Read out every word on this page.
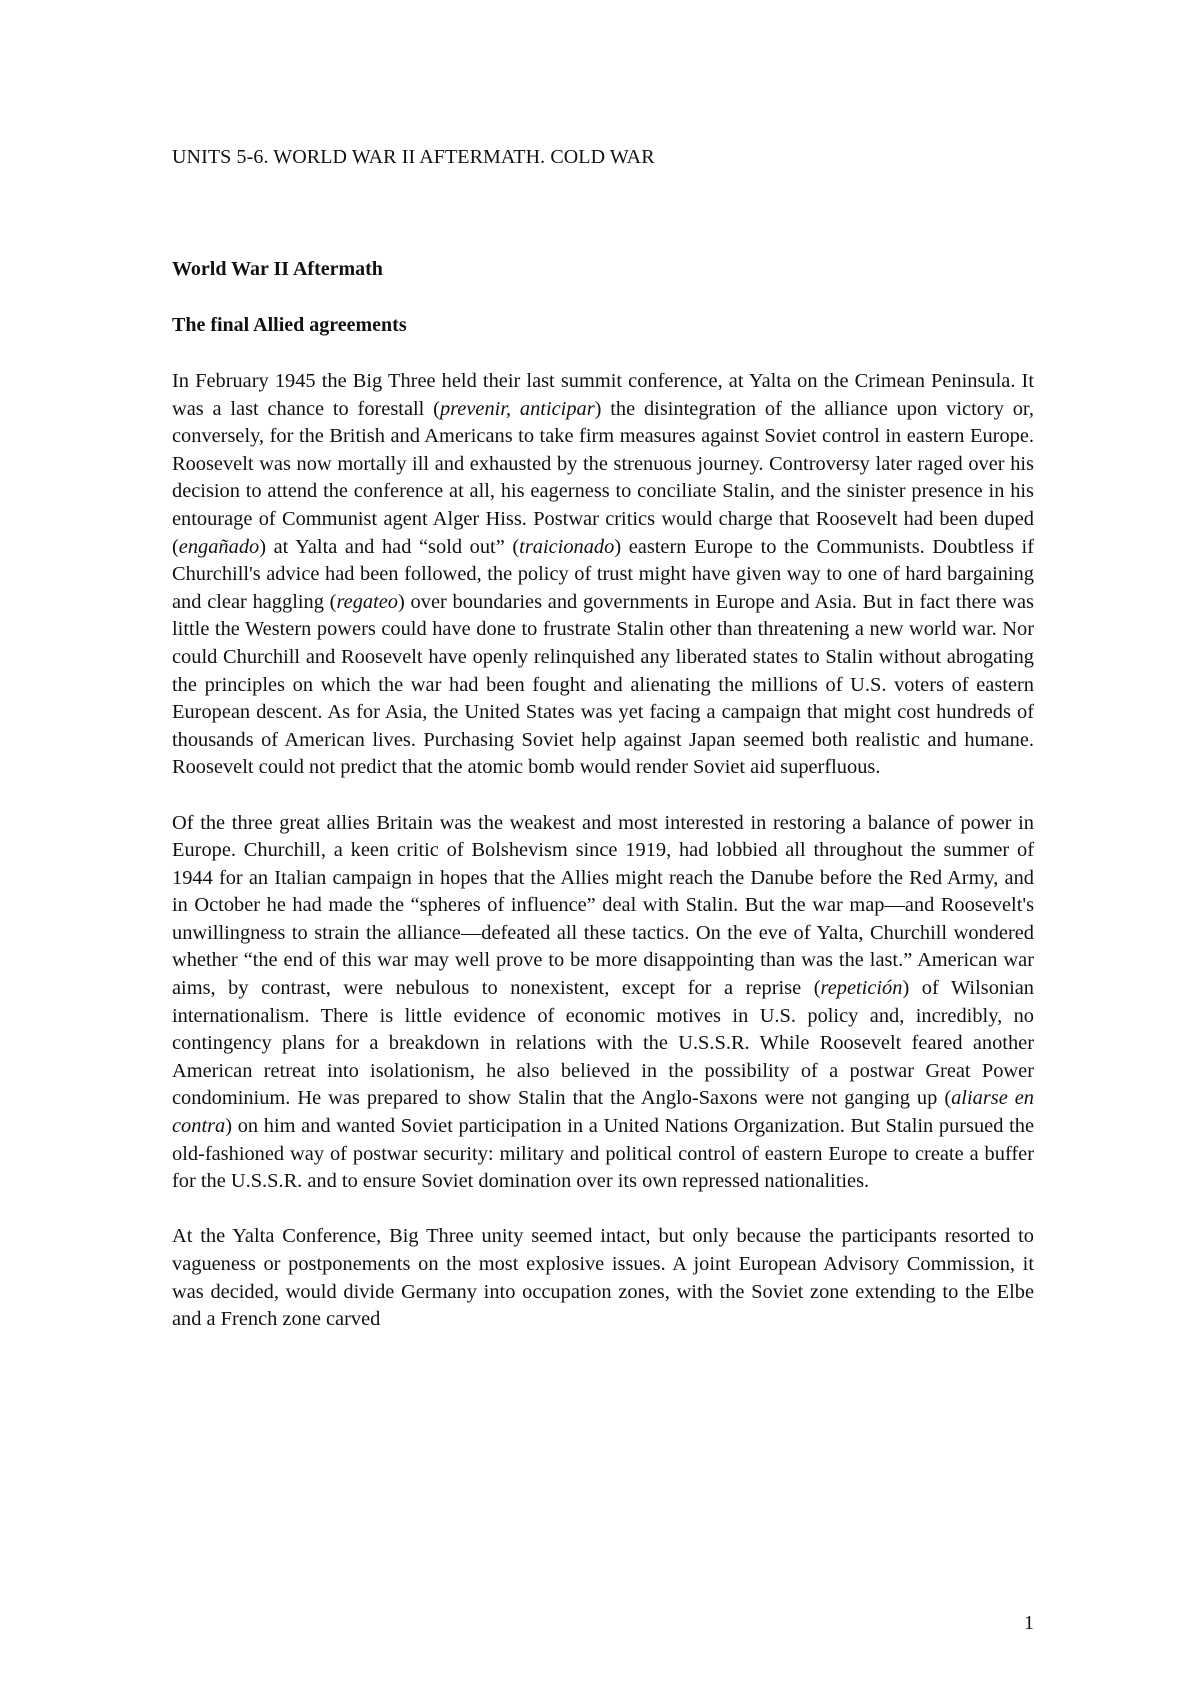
UNITS 5-6. WORLD WAR II AFTERMATH. COLD WAR
World War II Aftermath
The final Allied agreements

In February 1945 the Big Three held their last summit conference, at Yalta on the Crimean Peninsula. It was a last chance to forestall (prevenir, anticipar) the disintegration of the alliance upon victory or, conversely, for the British and Americans to take firm measures against Soviet control in eastern Europe. Roosevelt was now mortally ill and exhausted by the strenuous journey. Controversy later raged over his decision to attend the conference at all, his eagerness to conciliate Stalin, and the sinister presence in his entourage of Communist agent Alger Hiss. Postwar critics would charge that Roosevelt had been duped (engañado) at Yalta and had “sold out” (traicionado) eastern Europe to the Communists. Doubtless if Churchill's advice had been followed, the policy of trust might have given way to one of hard bargaining and clear haggling (regateo) over boundaries and governments in Europe and Asia. But in fact there was little the Western powers could have done to frustrate Stalin other than threatening a new world war. Nor could Churchill and Roosevelt have openly relinquished any liberated states to Stalin without abrogating the principles on which the war had been fought and alienating the millions of U.S. voters of eastern European descent. As for Asia, the United States was yet facing a campaign that might cost hundreds of thousands of American lives. Purchasing Soviet help against Japan seemed both realistic and humane. Roosevelt could not predict that the atomic bomb would render Soviet aid superfluous.

Of the three great allies Britain was the weakest and most interested in restoring a balance of power in Europe. Churchill, a keen critic of Bolshevism since 1919, had lobbied all throughout the summer of 1944 for an Italian campaign in hopes that the Allies might reach the Danube before the Red Army, and in October he had made the “spheres of influence” deal with Stalin. But the war map—and Roosevelt's unwillingness to strain the alliance—defeated all these tactics. On the eve of Yalta, Churchill wondered whether “the end of this war may well prove to be more disappointing than was the last.” American war aims, by contrast, were nebulous to nonexistent, except for a reprise (repetición) of Wilsonian internationalism. There is little evidence of economic motives in U.S. policy and, incredibly, no contingency plans for a breakdown in relations with the U.S.S.R. While Roosevelt feared another American retreat into isolationism, he also believed in the possibility of a postwar Great Power condominium. He was prepared to show Stalin that the Anglo-Saxons were not ganging up (aliarse en contra) on him and wanted Soviet participation in a United Nations Organization. But Stalin pursued the old-fashioned way of postwar security: military and political control of eastern Europe to create a buffer for the U.S.S.R. and to ensure Soviet domination over its own repressed nationalities.

At the Yalta Conference, Big Three unity seemed intact, but only because the participants resorted to vagueness or postponements on the most explosive issues. A joint European Advisory Commission, it was decided, would divide Germany into occupation zones, with the Soviet zone extending to the Elbe and a French zone carved

1
